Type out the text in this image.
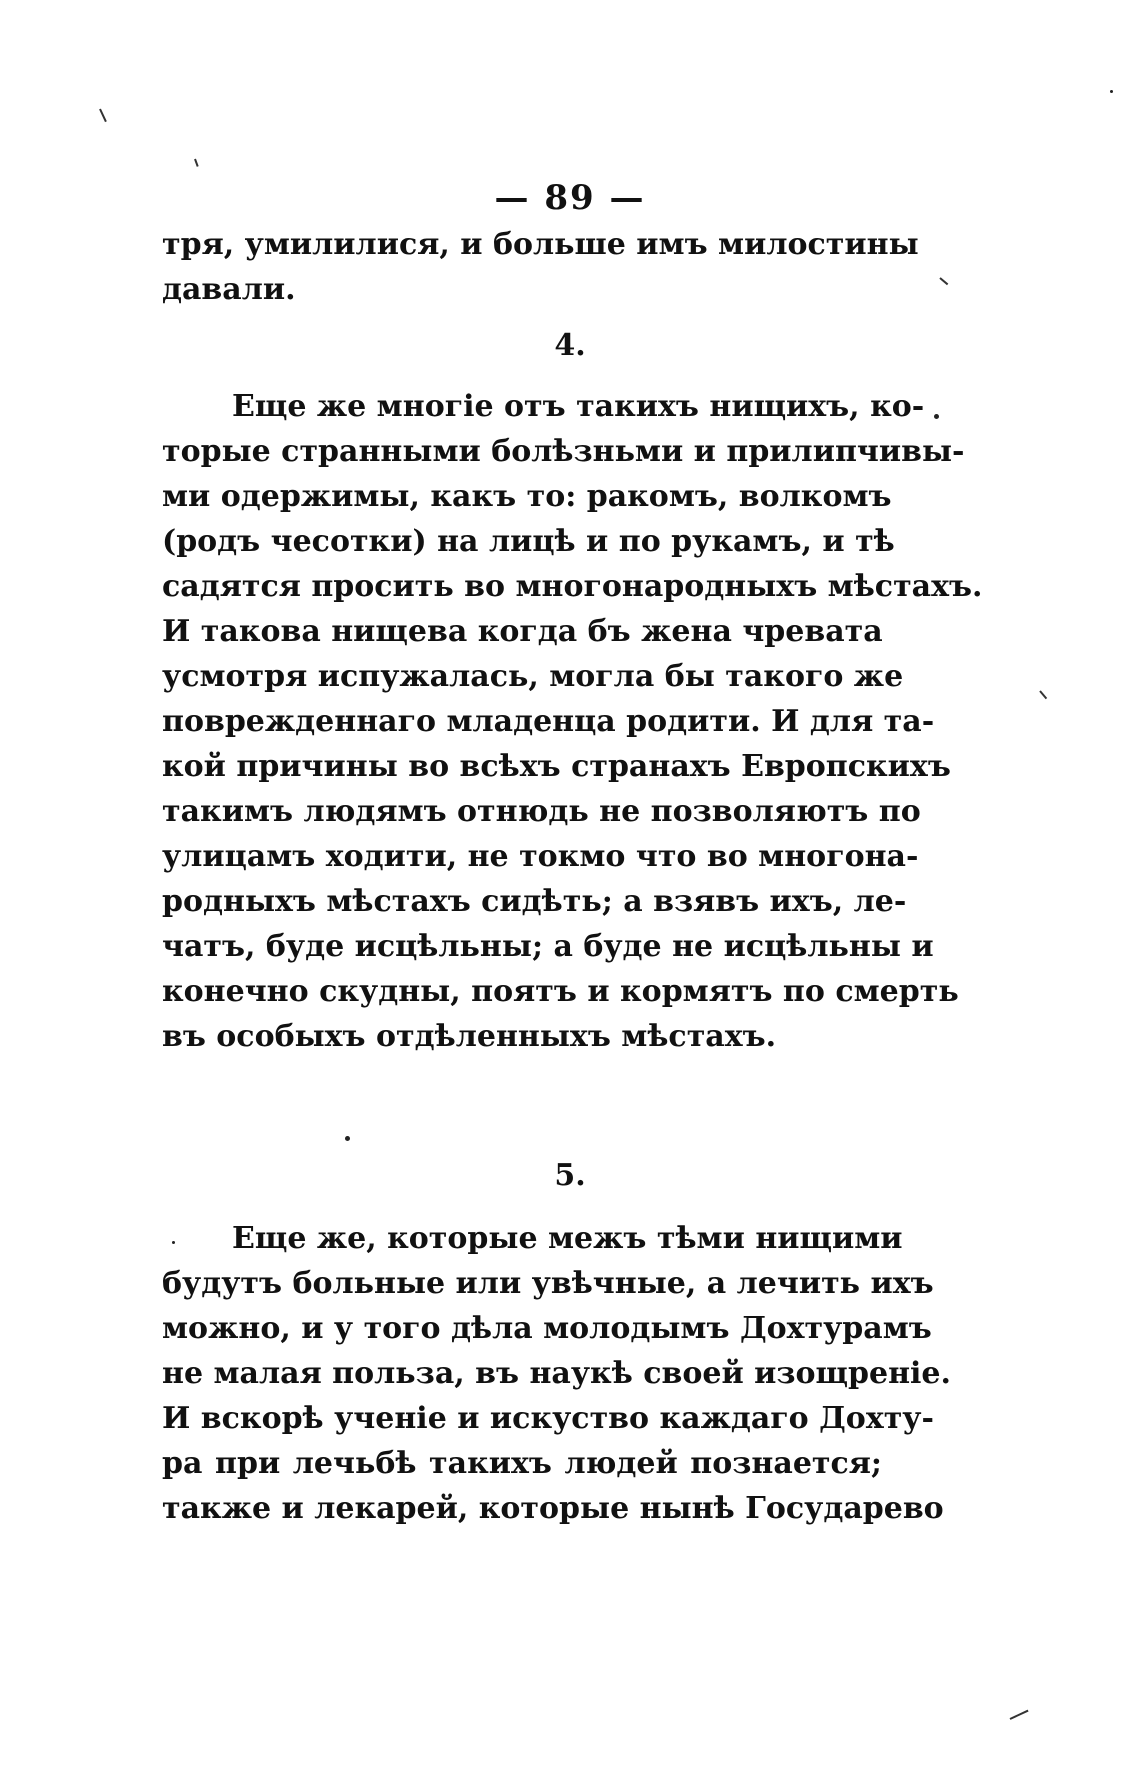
— 89 —
тря, умилилися, и больше имъ милостины
давали.
4.
Еще же многіе отъ такихъ нищихъ, ко-
торые странными болѣзньми и прилипчивы-
ми одержимы, какъ то: ракомъ, волкомъ
(родъ чесотки) на лицѣ и по рукамъ, и тѣ
садятся просить во многонародныхъ мѣстахъ.
И такова нищева когда бъ жена чревата
усмотря испужалась, могла бы такого же
поврежденнаго младенца родити. И для та-
кой причины во всѣхъ странахъ Европскихъ
такимъ людямъ отнюдь не позволяютъ по
улицамъ ходити, не токмо что во многона-
родныхъ мѣстахъ сидѣть; а взявъ ихъ, ле-
чатъ, буде исцѣльны; а буде не исцѣльны и
конечно скудны, поятъ и кормятъ по смерть
въ особыхъ отдѣленныхъ мѣстахъ.
5.
Еще же, которые межъ тѣми нищими
будутъ больные или увѣчные, а лечить ихъ
можно, и у того дѣла молодымъ Дохтурамъ
не малая польза, въ наукѣ своей изощреніе.
И вскорѣ ученіе и искуство каждаго Дохту-
ра при лечьбѣ такихъ людей познается;
также и лекарей, которые нынѣ Государево
